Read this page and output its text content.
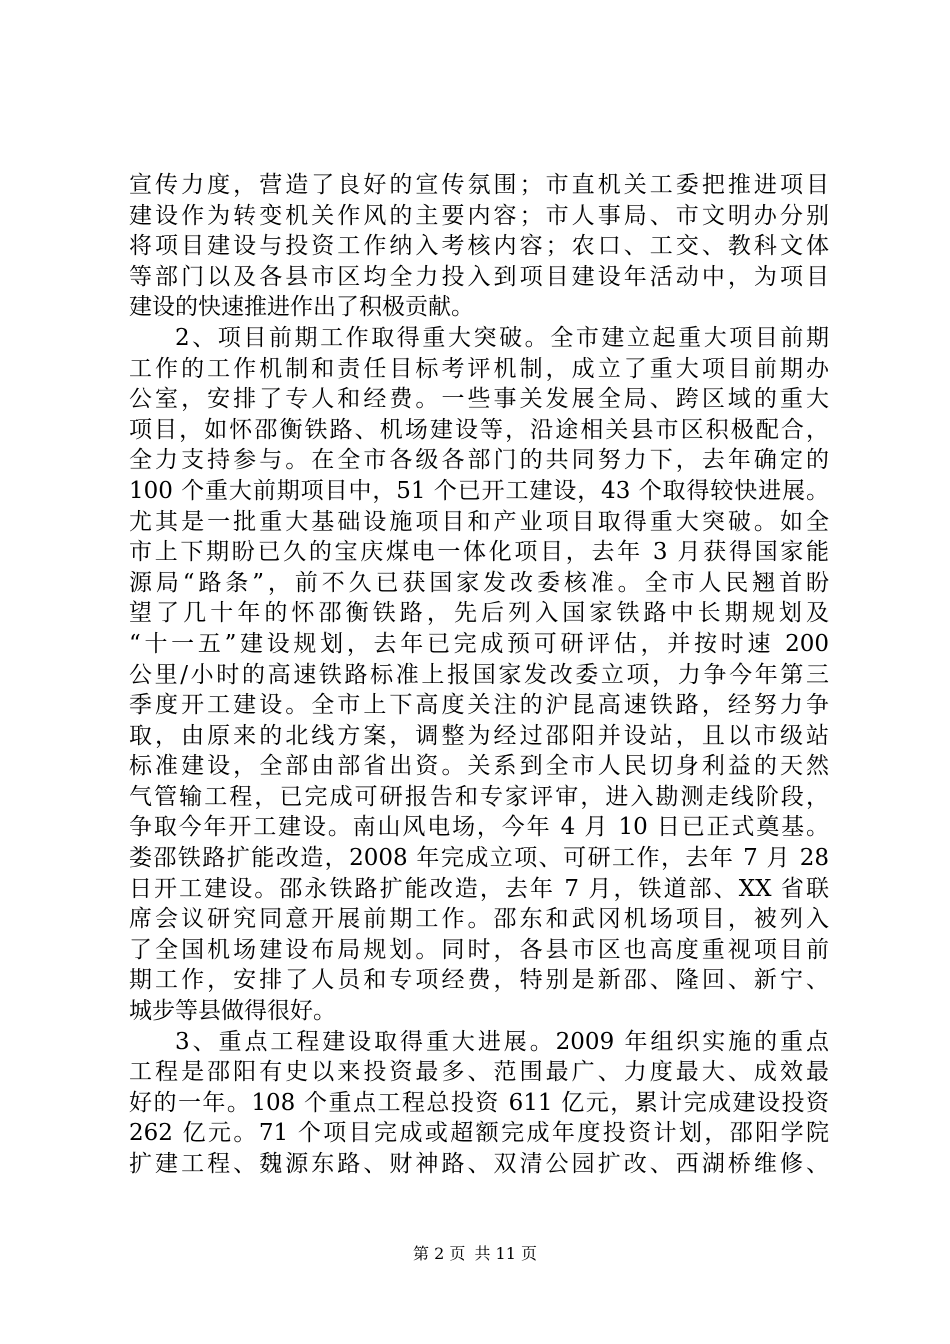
宣传力度，营造了良好的宣传氛围；市直机关工委把推进项目
建设作为转变机关作风的主要内容；市人事局、市文明办分别
将项目建设与投资工作纳入考核内容；农口、工交、教科文体
等部门以及各县市区均全力投入到项目建设年活动中，为项目
建设的快速推进作出了积极贡献。
2、项目前期工作取得重大突破。全市建立起重大项目前期
工作的工作机制和责任目标考评机制，成立了重大项目前期办
公室，安排了专人和经费。一些事关发展全局、跨区域的重大
项目，如怀邵衡铁路、机场建设等，沿途相关县市区积极配合，
全力支持参与。在全市各级各部门的共同努力下，去年确定的
100 个重大前期项目中，51 个已开工建设，43 个取得较快进展。
尤其是一批重大基础设施项目和产业项目取得重大突破。如全
市上下期盼已久的宝庆煤电一体化项目，去年 3 月获得国家能
源局“路条”，前不久已获国家发改委核准。全市人民翘首盼
望了几十年的怀邵衡铁路，先后列入国家铁路中长期规划及
“十一五”建设规划，去年已完成预可研评估，并按时速 200
公里/小时的高速铁路标准上报国家发改委立项，力争今年第三
季度开工建设。全市上下高度关注的沪昆高速铁路，经努力争
取，由原来的北线方案，调整为经过邵阳并设站，且以市级站
标准建设，全部由部省出资。关系到全市人民切身利益的天然
气管输工程，已完成可研报告和专家评审，进入勘测走线阶段，
争取今年开工建设。南山风电场，今年 4 月 10 日已正式奠基。
娄邵铁路扩能改造，2008 年完成立项、可研工作，去年 7 月 28
日开工建设。邵永铁路扩能改造，去年 7 月，铁道部、XX 省联
席会议研究同意开展前期工作。邵东和武冈机场项目，被列入
了全国机场建设布局规划。同时，各县市区也高度重视项目前
期工作，安排了人员和专项经费，特别是新邵、隆回、新宁、
城步等县做得很好。
3、重点工程建设取得重大进展。2009 年组织实施的重点
工程是邵阳有史以来投资最多、范围最广、力度最大、成效最
好的一年。108 个重点工程总投资 611 亿元，累计完成建设投资
262 亿元。71 个项目完成或超额完成年度投资计划，邵阳学院
扩建工程、魏源东路、财神路、双清公园扩改、西湖桥维修、
第 2 页 共 11 页
